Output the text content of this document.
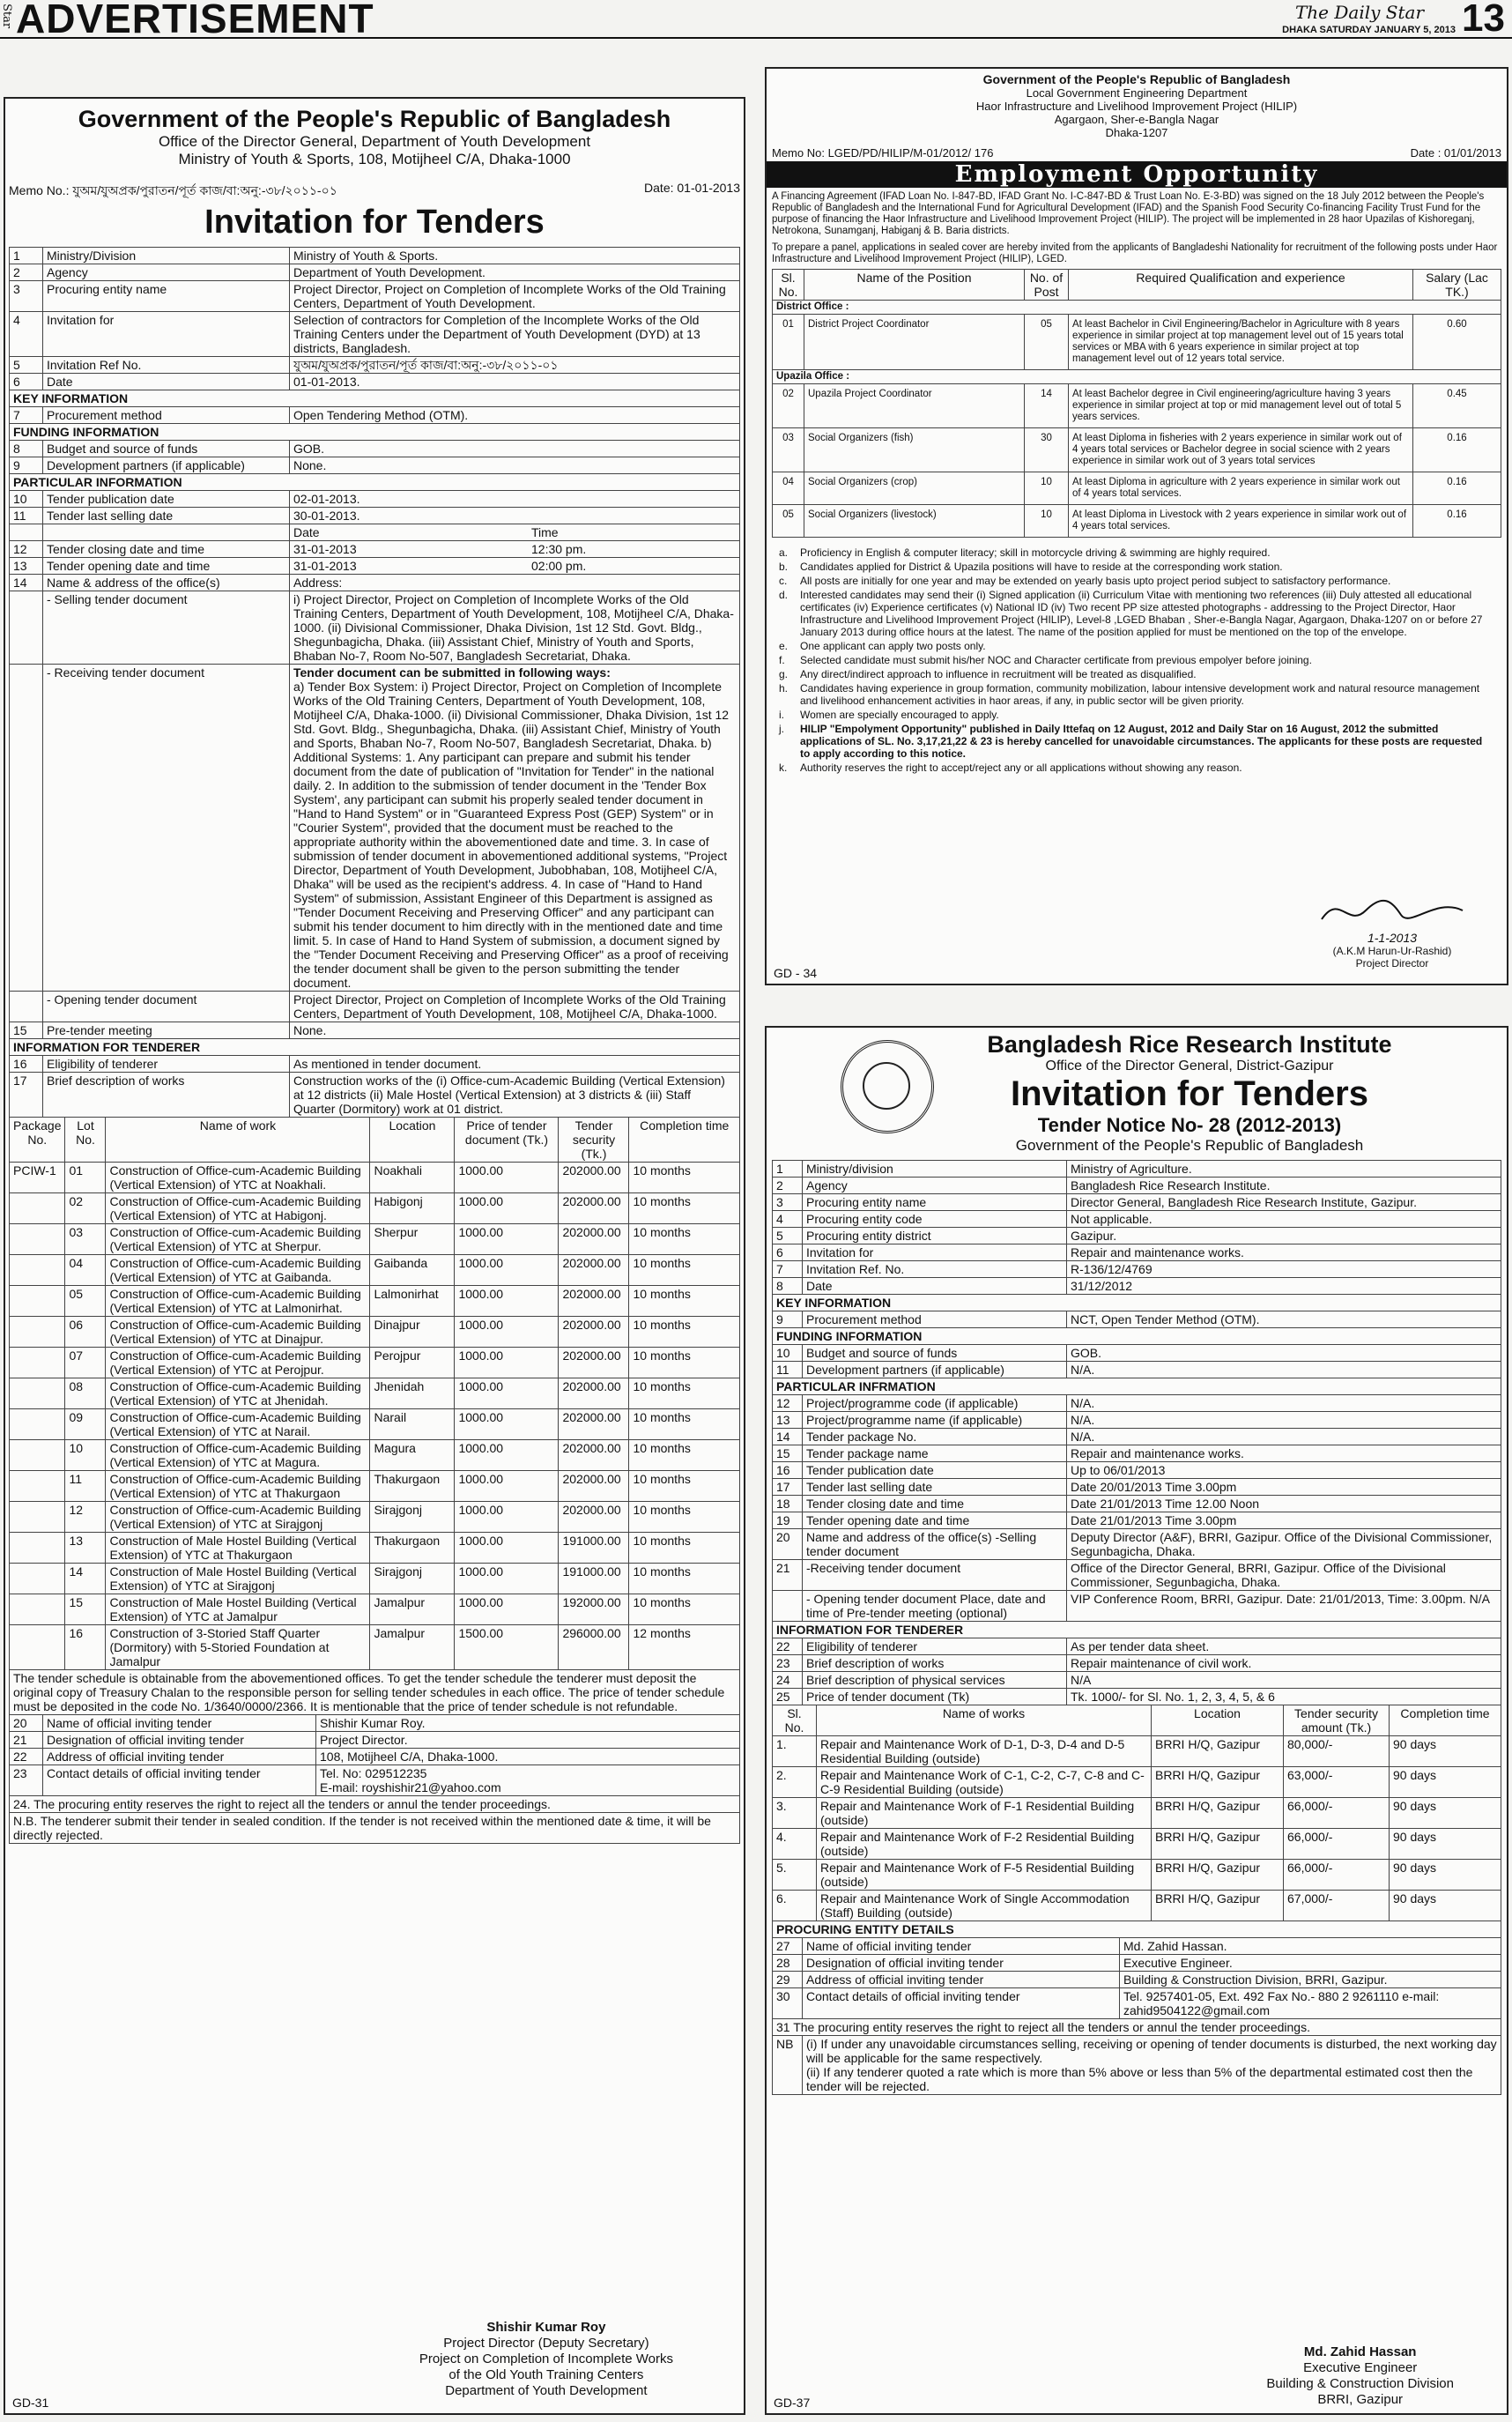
Star ADVERTISEMENT	The Daily Star
DHAKA SATURDAY JANUARY 5, 2013 13
Government of the People's Republic of Bangladesh
Office of the Director General, Department of Youth Development
Ministry of Youth & Sports, 108, Motijheel C/A, Dhaka-1000
Memo No.: যুঅম/যুঅপ্রক/পুরাতন/পূর্ত কাজ/বা:অনু:-৩৮/২০১১-০১	Date: 01-01-2013
Invitation for Tenders
1	Ministry/Division	Ministry of Youth & Sports.
2	Agency	Department of Youth Development.
3	Procuring entity name	Project Director, Project on Completion of Incomplete Works of the Old Training Centers, Department of Youth Development.
4	Invitation for	Selection of contractors for Completion of the Incomplete Works of the Old Training Centers under the Department of Youth Development (DYD) at 13 districts, Bangladesh.
5	Invitation Ref No.	যুঅম/যুঅপ্রক/পুরাতন/পূর্ত কাজ/বা:অনু:-৩৮/২০১১-০১
6	Date	01-01-2013.
KEY INFORMATION		
7	Procurement method	Open Tendering Method (OTM).
FUNDING INFORMATION		
8	Budget and source of funds	GOB.
9	Development partners (if applicable)	None.
PARTICULAR INFORMATION		
10	Tender publication date	02-01-2013.
11	Tender last selling date	30-01-2013.
		Date Time
12	Tender closing date and time	31-01-2013 12:30 pm.
13	Tender opening date and time	31-01-2013 02:00 pm.
14	Name & address of the office(s)	Address:
	- Selling tender document	i) Project Director, Project on Completion of Incomplete Works of the Old Training Centers, Department of Youth Development, 108, Motijheel C/A, Dhaka-1000. (ii) Divisional Commissioner, Dhaka Division, 1st 12 Std. Govt. Bldg., Shegunbagicha, Dhaka. (iii) Assistant Chief, Ministry of Youth and Sports, Bhaban No-7, Room No-507, Bangladesh Secretariat, Dhaka.
	- Receiving tender document	Tender document can be submitted in following ways:
a) Tender Box System: i) Project Director, Project on Completion of Incomplete Works of the Old Training Centers, Department of Youth Development, 108, Motijheel C/A, Dhaka-1000. (ii) Divisional Commissioner, Dhaka Division, 1st 12 Std. Govt. Bldg., Shegunbagicha, Dhaka. (iii) Assistant Chief, Ministry of Youth and Sports, Bhaban No-7, Room No-507, Bangladesh Secretariat, Dhaka. b) Additional Systems: 1. Any participant can prepare and submit his tender document from the date of publication of "Invitation for Tender" in the national daily. 2. In addition to the submission of tender document in the 'Tender Box System', any participant can submit his properly sealed tender document in "Hand to Hand System" or in "Guaranteed Express Post (GEP) System" or in "Courier System", provided that the document must be reached to the appropriate authority within the abovementioned date and time. 3. In case of submission of tender document in abovementioned additional systems, "Project Director, Department of Youth Development, Jubobhaban, 108, Motijheel C/A, Dhaka" will be used as the recipient's address. 4. In case of "Hand to Hand System" of submission, Assistant Engineer of this Department is assigned as "Tender Document Receiving and Preserving Officer" and any participant can submit his tender document to him directly with in the mentioned date and time limit. 5. In case of Hand to Hand System of submission, a document signed by the "Tender Document Receiving and Preserving Officer" as a proof of receiving the tender document shall be given to the person submitting the tender document.

	- Opening tender document	Project Director, Project on Completion of Incomplete Works of the Old Training Centers, Department of Youth Development, 108, Motijheel C/A, Dhaka-1000.
15	Pre-tender meeting	None.
INFORMATION FOR TENDERER		
16	Eligibility of tenderer	As mentioned in tender document.
17	Brief description of works	Construction works of the (i) Office-cum-Academic Building (Vertical Extension) at 12 districts (ii) Male Hostel (Vertical Extension) at 3 districts & (iii) Staff Quarter (Dormitory) work at 01 district.
Package No.	Lot No.	Name of work	Location	Price of tender document (Tk.)	Tender security (Tk.)	Completion time
PCIW-1	01	Construction of Office-cum-Academic Building (Vertical Extension) of YTC at Noakhali.	Noakhali	1000.00	202000.00	10 months
	02	Construction of Office-cum-Academic Building (Vertical Extension) of YTC at Habigonj.	Habigonj	1000.00	202000.00	10 months
	03	Construction of Office-cum-Academic Building (Vertical Extension) of YTC at Sherpur.	Sherpur	1000.00	202000.00	10 months
	04	Construction of Office-cum-Academic Building (Vertical Extension) of YTC at Gaibanda.	Gaibanda	1000.00	202000.00	10 months
	05	Construction of Office-cum-Academic Building (Vertical Extension) of YTC at Lalmonirhat.	Lalmonirhat	1000.00	202000.00	10 months
	06	Construction of Office-cum-Academic Building (Vertical Extension) of YTC at Dinajpur.	Dinajpur	1000.00	202000.00	10 months
	07	Construction of Office-cum-Academic Building (Vertical Extension) of YTC at Perojpur.	Perojpur	1000.00	202000.00	10 months
	08	Construction of Office-cum-Academic Building (Vertical Extension) of YTC at Jhenidah.	Jhenidah	1000.00	202000.00	10 months
	09	Construction of Office-cum-Academic Building (Vertical Extension) of YTC at Narail.	Narail	1000.00	202000.00	10 months
	10	Construction of Office-cum-Academic Building (Vertical Extension) of YTC at Magura.	Magura	1000.00	202000.00	10 months
	11	Construction of Office-cum-Academic Building (Vertical Extension) of YTC at Thakurgaon	Thakurgaon	1000.00	202000.00	10 months
	12	Construction of Office-cum-Academic Building (Vertical Extension) of YTC at Sirajgonj	Sirajgonj	1000.00	202000.00	10 months
	13	Construction of Male Hostel Building (Vertical Extension) of YTC at Thakurgaon	Thakurgaon	1000.00	191000.00	10 months
	14	Construction of Male Hostel Building (Vertical Extension) of YTC at Sirajgonj	Sirajgonj	1000.00	191000.00	10 months
	15	Construction of Male Hostel Building (Vertical Extension) of YTC at Jamalpur	Jamalpur	1000.00	192000.00	10 months
	16	Construction of 3-Storied Staff Quarter (Dormitory) with 5-Storied Foundation at Jamalpur	Jamalpur	1500.00	296000.00	12 months
The tender schedule is obtainable from the abovementioned offices. To get the tender schedule the tenderer must deposit the original copy of Treasury Chalan to the responsible person for selling tender schedules in each office. The price of tender schedule must be deposited in the code No. 1/3640/0000/2366. It is mentionable that the price of tender schedule is not refundable.
20	Name of official inviting tender	Shishir Kumar Roy.
21	Designation of official inviting tender	Project Director.
22	Address of official inviting tender	108, Motijheel C/A, Dhaka-1000.
23	Contact details of official inviting tender	Tel. No: 029512235
E-mail: royshishir21@yahoo.com

24. The procuring entity reserves the right to reject all the tenders or annul the tender proceedings.		
N.B. The tenderer submit their tender in sealed condition. If the tender is not received within the mentioned date & time, it will be directly rejected.		
Shishir Kumar Roy
Project Director (Deputy Secretary)
Project on Completion of Incomplete Works
of the Old Youth Training Centers
Department of Youth Development
GD-31
Government of the People's Republic of Bangladesh
Local Government Engineering Department
Haor Infrastructure and Livelihood Improvement Project (HILIP)
Agargaon, Sher-e-Bangla Nagar
Dhaka-1207
Memo No: LGED/PD/HILIP/M-01/2012/ 176	Date : 01/01/2013
Employment Opportunity
A Financing Agreement (IFAD Loan No. I-847-BD, IFAD Grant No. I-C-847-BD & Trust Loan No. E-3-BD) was signed on the 18 July 2012 between the People's Republic of Bangladesh and the International Fund for Agricultural Development (IFAD) and the Spanish Food Security Co-financing Facility Trust Fund for the purpose of financing the Haor Infrastructure and Livelihood Improvement Project (HILIP). The project will be implemented in 28 haor Upazilas of Kishoreganj, Netrokona, Sunamganj, Habiganj & B. Baria districts.
To prepare a panel, applications in sealed cover are hereby invited from the applicants of Bangladeshi Nationality for recruitment of the following posts under Haor Infrastructure and Livelihood Improvement Project (HILIP), LGED.
Sl. No.	Name of the Position	No. of Post	Required Qualification and experience	Salary (Lac TK.)
District Office :				
01	District Project Coordinator	05	At least Bachelor in Civil Engineering/Bachelor in Agriculture with 8 years experience in similar project at top management level out of 15 years total services or MBA with 6 years experience in similar project at top management level out of 12 years total service.	0.60
Upazila Office :				
02	Upazila Project Coordinator	14	At least Bachelor degree in Civil engineering/agriculture having 3 years experience in similar project at top or mid management level out of total 5 years services.	0.45
03	Social Organizers (fish)	30	At least Diploma in fisheries with 2 years experience in similar work out of 4 years total services or Bachelor degree in social science with 2 years experience in similar work out of 3 years total services	0.16
04	Social Organizers (crop)	10	At least Diploma in agriculture with 2 years experience in similar work out of 4 years total services.	0.16
05	Social Organizers (livestock)	10	At least Diploma in Livestock with 2 years experience in similar work out of 4 years total services.	0.16
a.	Proficiency in English & computer literacy; skill in motorcycle driving & swimming are highly required.
b.	Candidates applied for District & Upazila positions will have to reside at the corresponding work station.
c.	All posts are initially for one year and may be extended on yearly basis upto project period subject to satisfactory performance.
d.	Interested candidates may send their (i) Signed application (ii) Curriculum Vitae with mentioning two references (iii) Duly attested all educational certificates (iv) Experience certificates (v) National ID (iv) Two recent PP size attested photographs - addressing to the Project Director, Haor Infrastructure and Livelihood Improvement Project (HILIP), Level-8 ,LGED Bhaban , Sher-e-Bangla Nagar, Agargaon, Dhaka-1207 on or before 27 January 2013 during office hours at the latest. The name of the position applied for must be mentioned on the top of the envelope.
e.	One applicant can apply two posts only.
f.	Selected candidate must submit his/her NOC and Character certificate from previous empolyer before joining.
g.	Any direct/indirect approach to influence in recruitment will be treated as disqualified.
h.	Candidates having experience in group formation, community mobilization, labour intensive development work and natural resource management and livelihood enhancement activities in haor areas, if any, in public sector will be given priority.
i.	Women are specially encouraged to apply.
j.	HILIP "Empolyment Opportunity" published in Daily Ittefaq on 12 August, 2012 and Daily Star on 16 August, 2012 the submitted applications of SL. No. 3,17,21,22 & 23 is hereby cancelled for unavoidable circumstances. The applicants for these posts are requested to apply according to this notice.
k.	Authority reserves the right to accept/reject any or all applications without showing any reason.
1-1-2013
(A.K.M Harun-Ur-Rashid)
Project Director
GD - 34
Bangladesh Rice Research Institute
Office of the Director General, District-Gazipur
Invitation for Tenders
Tender Notice No- 28 (2012-2013)
Government of the People's Republic of Bangladesh
1	Ministry/division	Ministry of Agriculture.
2	Agency	Bangladesh Rice Research Institute.
3	Procuring entity name	Director General, Bangladesh Rice Research Institute, Gazipur.
4	Procuring entity code	Not applicable.
5	Procuring entity district	Gazipur.
6	Invitation for	Repair and maintenance works.
7	Invitation Ref. No.	R-136/12/4769
8	Date	31/12/2012
KEY INFORMATION		
9	Procurement method	NCT, Open Tender Method (OTM).
FUNDING INFORMATION		
10	Budget and source of funds	GOB.
11	Development partners (if applicable)	N/A.
PARTICULAR INFRMATION		
12	Project/programme code (if applicable)	N/A.
13	Project/programme name (if applicable)	N/A.
14	Tender package No.	N/A.
15	Tender package name	Repair and maintenance works.
16	Tender publication date	Up to 06/01/2013
17	Tender last selling date	Date 20/01/2013 Time 3.00pm
18	Tender closing date and time	Date 21/01/2013 Time 12.00 Noon
19	Tender opening date and time	Date 21/01/2013 Time 3.00pm
20	Name and address of the office(s) -Selling tender document	Deputy Director (A&F), BRRI, Gazipur. Office of the Divisional Commissioner, Segunbagicha, Dhaka.
21	-Receiving tender document	Office of the Director General, BRRI, Gazipur. Office of the Divisional Commissioner, Segunbagicha, Dhaka.
	- Opening tender document Place, date and time of Pre-tender meeting (optional)	VIP Conference Room, BRRI, Gazipur. Date: 21/01/2013, Time: 3.00pm. N/A
INFORMATION FOR TENDERER		
22	Eligibility of tenderer	As per tender data sheet.
23	Brief description of works	Repair maintenance of civil work.
24	Brief description of physical services	N/A
25	Price of tender document (Tk)	Tk. 1000/- for Sl. No. 1, 2, 3, 4, 5, & 6
Sl. No.	Name of works	Location	Tender security amount (Tk.)	Completion time
1.	Repair and Maintenance Work of D-1, D-3, D-4 and D-5 Residential Building (outside)	BRRI H/Q, Gazipur	80,000/-	90 days
2.	Repair and Maintenance Work of C-1, C-2, C-7, C-8 and C-C-9 Residential Building (outside)	BRRI H/Q, Gazipur	63,000/-	90 days
3.	Repair and Maintenance Work of F-1 Residential Building (outside)	BRRI H/Q, Gazipur	66,000/-	90 days
4.	Repair and Maintenance Work of F-2 Residential Building (outside)	BRRI H/Q, Gazipur	66,000/-	90 days
5.	Repair and Maintenance Work of F-5 Residential Building (outside)	BRRI H/Q, Gazipur	66,000/-	90 days
6.	Repair and Maintenance Work of Single Accommodation (Staff) Building (outside)	BRRI H/Q, Gazipur	67,000/-	90 days
PROCURING ENTITY DETAILS		
27	Name of official inviting tender	Md. Zahid Hassan.
28	Designation of official inviting tender	Executive Engineer.
29	Address of official inviting tender	Building & Construction Division, BRRI, Gazipur.
30	Contact details of official inviting tender	Tel. 9257401-05, Ext. 492 Fax No.- 880 2 9261110 e-mail: zahid9504122@gmail.com
31 The procuring entity reserves the right to reject all the tenders or annul the tender proceedings.		
NB	(i) If under any unavoidable circumstances selling, receiving or opening of tender documents is disturbed, the next working day will be applicable for the same respectively.
(ii) If any tenderer quoted a rate which is more than 5% above or less than 5% of the departmental estimated cost then the tender will be rejected.	
Md. Zahid Hassan
Executive Engineer
Building & Construction Division
BRRI, Gazipur
GD-37
